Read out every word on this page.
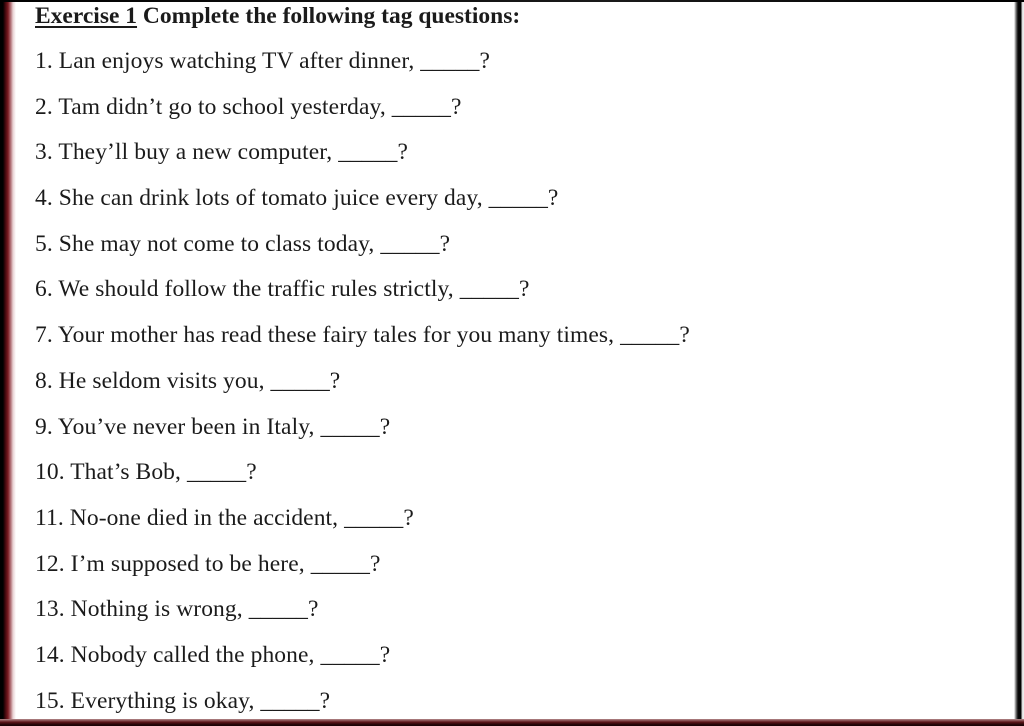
Exercise 1 Complete the following tag questions:

1. Lan enjoys watching TV after dinner, _____?

2. Tam didn’t go to school yesterday, _____?

3. They’ll buy a new computer, _____?

4. She can drink lots of tomato juice every day, _____?

5. She may not come to class today, _____?

6. We should follow the traffic rules strictly, _____?

7. Your mother has read these fairy tales for you many times, _____?

8. He seldom visits you, _____?

9. You’ve never been in Italy, _____?

10. That’s Bob, _____?

11. No-one died in the accident, _____?

12. I’m supposed to be here, _____?

13. Nothing is wrong, _____?

14. Nobody called the phone, _____?

15. Everything is okay, _____?
